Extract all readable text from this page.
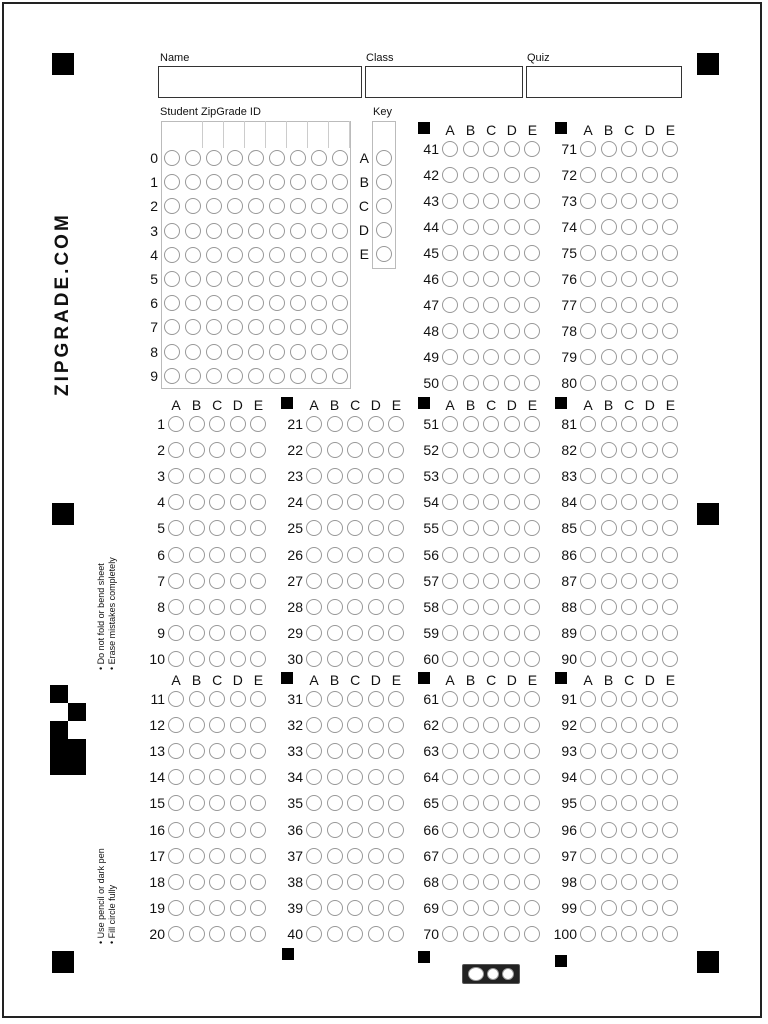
ZIPGRADE.COM
• Do not fold or bend sheet • Erase mistakes completely
• Use pencil or dark pen • Fill circle fully
Name	Class	Quiz
Student ZipGrade ID	Key
0
1
2
3
4
5
6
7
8
9
A
B
C
D
E
A B C D E	A B C D E
41	71
42	72
43	73
44	74
45	75
46	76
47	77
48	78
49	79
50	80
A B C D E	A B C D E	A B C D E	A B C D E
1	21	51	81
2	22	52	82
3	23	53	83
4	24	54	84
5	25	55	85
6	26	56	86
7	27	57	87
8	28	58	88
9	29	59	89
10	30	60	90
A B C D E	A B C D E	A B C D E	A B C D E
11	31	61	91
12	32	62	92
13	33	63	93
14	34	64	94
15	35	65	95
16	36	66	96
17	37	67	97
18	38	68	98
19	39	69	99
20	40	70	100
